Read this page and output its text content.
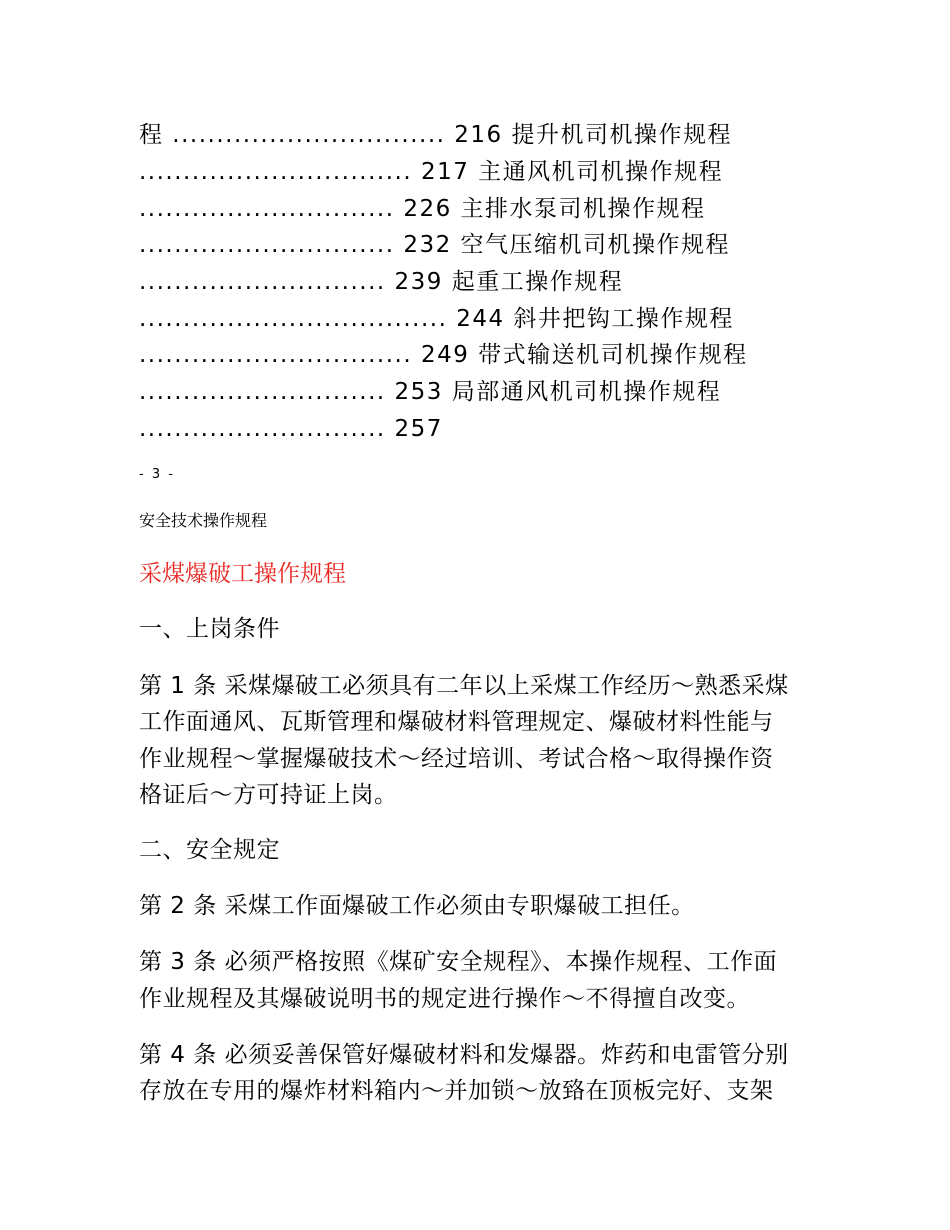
程 ............................... 216 提升机司机操作规程
............................... 217 主通风机司机操作规程
............................. 226 主排水泵司机操作规程
............................. 232 空气压缩机司机操作规程
............................ 239 起重工操作规程
................................... 244 斜井把钩工操作规程
............................... 249 带式输送机司机操作规程
............................ 253 局部通风机司机操作规程
............................ 257
- 3 -
安全技术操作规程
采煤爆破工操作规程
一、上岗条件
第 1 条 采煤爆破工必须具有二年以上采煤工作经历～熟悉采煤
工作面通风、瓦斯管理和爆破材料管理规定、爆破材料性能与
作业规程～掌握爆破技术～经过培训、考试合格～取得操作资
格证后～方可持证上岗。
二、安全规定
第 2 条 采煤工作面爆破工作必须由专职爆破工担任。
第 3 条 必须严格按照《煤矿安全规程》、本操作规程、工作面
作业规程及其爆破说明书的规定进行操作～不得擅自改变。
第 4 条 必须妥善保管好爆破材料和发爆器。炸药和电雷管分别
存放在专用的爆炸材料箱内～并加锁～放臵在顶板完好、支架
